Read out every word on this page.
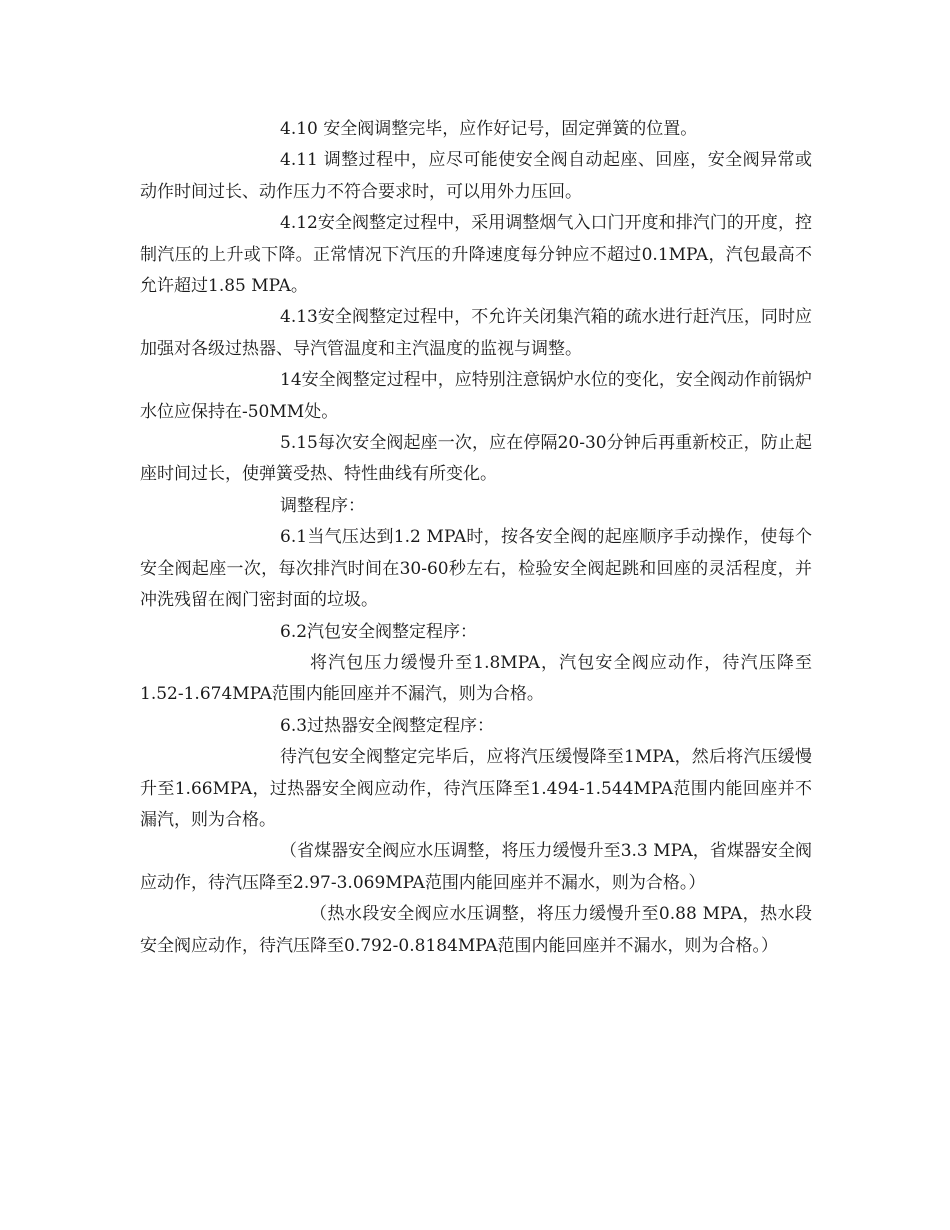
4.10 安全阀调整完毕，应作好记号，固定弹簧的位置。

4.11 调整过程中，应尽可能使安全阀自动起座、回座，安全阀异常或动作时间过长、动作压力不符合要求时，可以用外力压回。

4.12安全阀整定过程中，采用调整烟气入口门开度和排汽门的开度，控制汽压的上升或下降。正常情况下汽压的升降速度每分钟应不超过0.1MPA，汽包最高不允许超过1.85 MPA。

4.13安全阀整定过程中，不允许关闭集汽箱的疏水进行赶汽压，同时应加强对各级过热器、导汽管温度和主汽温度的监视与调整。

14安全阀整定过程中，应特别注意锅炉水位的变化，安全阀动作前锅炉水位应保持在-50MM处。

5.15每次安全阀起座一次，应在停隔20-30分钟后再重新校正，防止起座时间过长，使弹簧受热、特性曲线有所变化。

调整程序：

6.1当气压达到1.2 MPA时，按各安全阀的起座顺序手动操作，使每个安全阀起座一次，每次排汽时间在30-60秒左右，检验安全阀起跳和回座的灵活程度，并冲洗残留在阀门密封面的垃圾。

6.2汽包安全阀整定程序：

将汽包压力缓慢升至1.8MPA，汽包安全阀应动作，待汽压降至1.52-1.674MPA范围内能回座并不漏汽，则为合格。

6.3过热器安全阀整定程序：

待汽包安全阀整定完毕后，应将汽压缓慢降至1MPA，然后将汽压缓慢升至1.66MPA，过热器安全阀应动作，待汽压降至1.494-1.544MPA范围内能回座并不漏汽，则为合格。

（省煤器安全阀应水压调整，将压力缓慢升至3.3 MPA，省煤器安全阀应动作，待汽压降至2.97-3.069MPA范围内能回座并不漏水，则为合格。）

（热水段安全阀应水压调整，将压力缓慢升至0.88 MPA，热水段安全阀应动作，待汽压降至0.792-0.8184MPA范围内能回座并不漏水，则为合格。）
